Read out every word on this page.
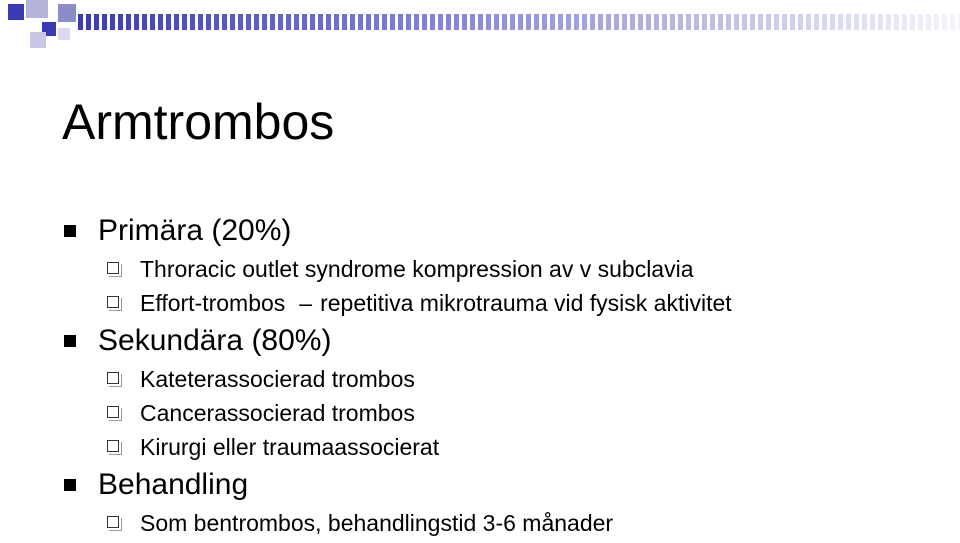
Armtrombos
Primära (20%)
Throracic outlet syndrome kompression av v subclavia
Effort-trombos – repetitiva mikrotrauma vid fysisk aktivitet
Sekundära (80%)
Kateterassocierad trombos
Cancerassocierad trombos
Kirurgi eller traumaassocierat
Behandling
Som bentrombos, behandlingstid 3-6 månader
